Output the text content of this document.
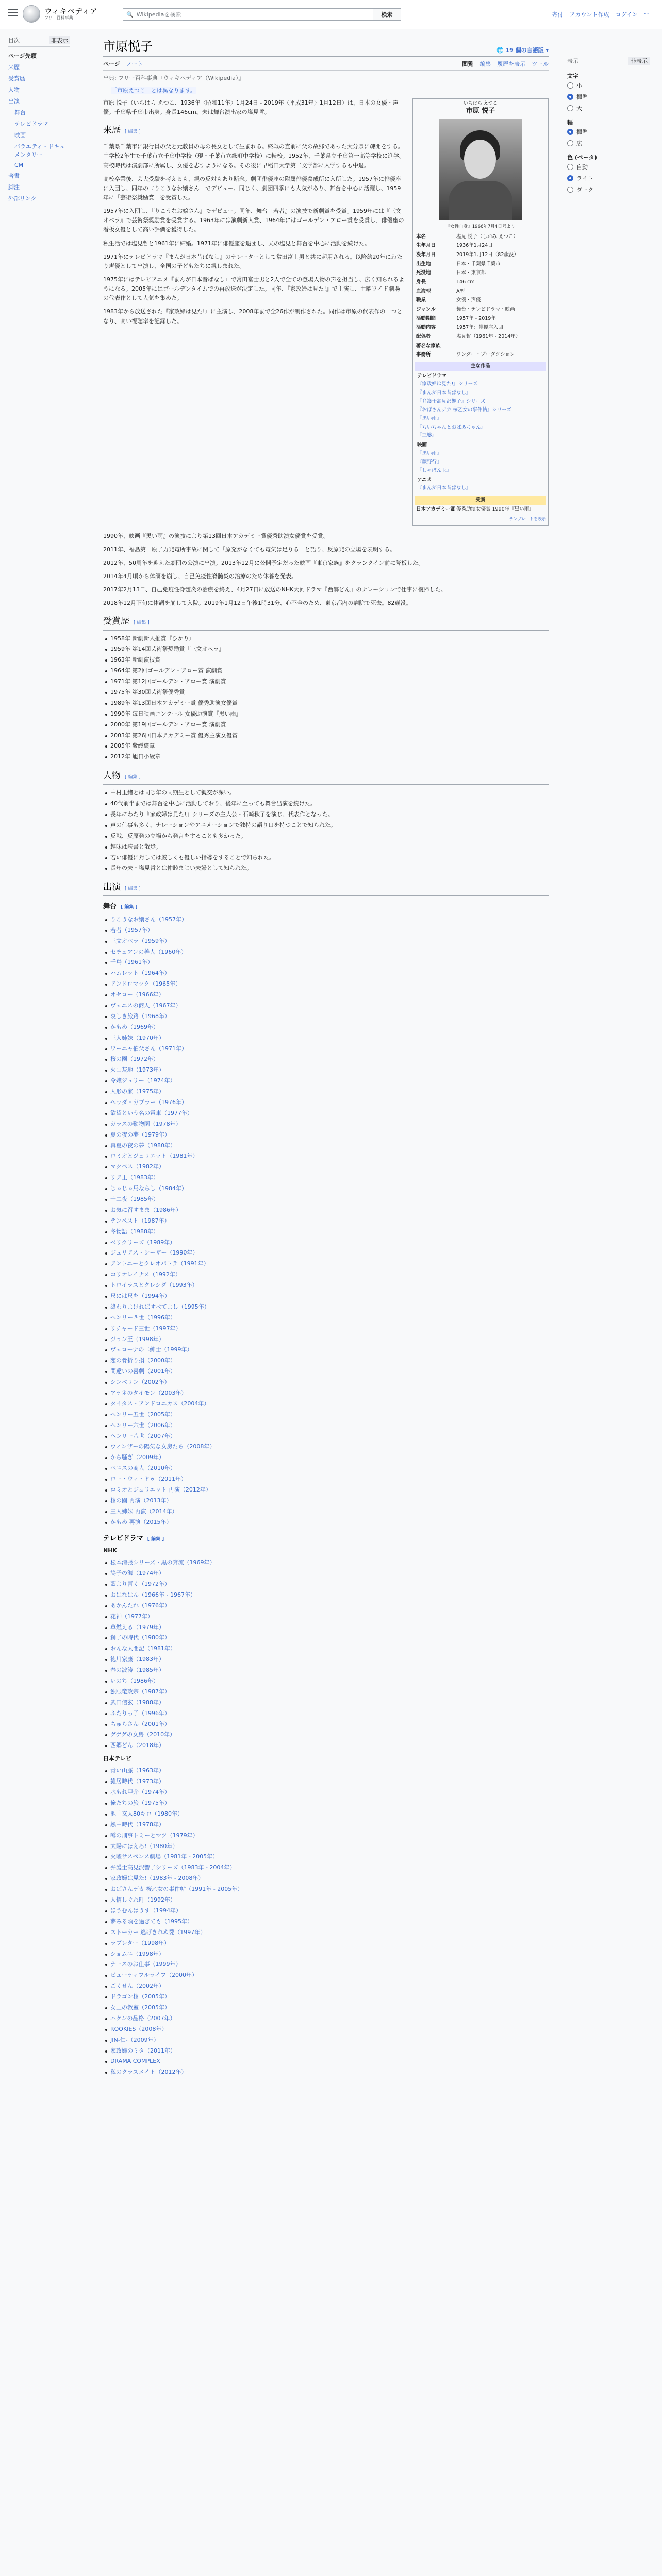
ウィキペディア
フリー百科事典	🔍 Wikipediaを検索	検索	寄付 アカウント作成 ログイン ⋯
目次	非表示
ページ先頭
来歴
受賞歴
人物
出演
舞台
テレビドラマ
映画
バラエティ・ドキュメンタリー
CM
著書
脚注
外部リンク
市原悦子	🌐 19 個の言語版 ▾
ページ ノート	閲覧 編集 履歴を表示 ツール
出典: フリー百科事典『ウィキペディア（Wikipedia）』
「市原えつこ」とは異なります。
いちはら えつこ
市原 悦子
『女性自身』1966年7月4日号より
本名	塩見 悦子（しおみ えつこ）
生年月日	1936年1月24日
没年月日	2019年1月12日（82歳没）
出生地	日本・千葉県千葉市
死没地	日本・東京都
身長	146 cm
血液型	A型
職業	女優・声優
ジャンル	舞台・テレビドラマ・映画
活動期間	1957年 - 2019年
活動内容	1957年：俳優座入団
配偶者	塩見哲（1961年 - 2014年）
著名な家族
事務所	ワンダー・プロダクション
主な作品
テレビドラマ
『家政婦は見た!』シリーズ
『まんが日本昔ばなし』
『弁護士高見沢響子』シリーズ
『おばさんデカ 桜乙女の事件帖』シリーズ
『黒い雨』
『ちいちゃんとおばあちゃん』
『三婆』
映画
『黒い雨』
『蕨野行』
『しゃぼん玉』
アニメ
『まんが日本昔ばなし』
受賞
日本アカデミー賞 優秀助演女優賞 1990年『黒い雨』
テンプレートを表示

市原 悦子（いちはら えつこ、1936年〈昭和11年〉1月24日 - 2019年〈平成31年〉1月12日）は、日本の女優・声優。千葉県千葉市出身。身長146cm。夫は舞台演出家の塩見哲。

来歴 [ 編集 ]

千葉県千葉市に銀行員の父と元教員の母の長女として生まれる。終戦の直前に父の故郷であった大分県に疎開をする。中学校2年生で千葉市立千葉中学校（現・千葉市立緑町中学校）に転校。1952年、千葉県立千葉第一高等学校に進学。高校時代は演劇部に所属し、女優を志すようになる。その後に早稲田大学第二文学部に入学するも中退。

高校卒業後、芸大受験を考えるも、親の反対もあり断念。劇団俳優座の附属俳優養成所に入所した。1957年に俳優座に入団し、同年の『りこうなお嬢さん』でデビュー。同じく、劇団四季にも人気があり、舞台を中心に活躍し、1959年に「芸術祭奨励賞」を受賞した。

1957年に入団し、『りこうなお嬢さん』でデビュー。同年、舞台『若者』の演技で新劇賞を受賞。1959年には『三文オペラ』で芸術祭奨励賞を受賞する。1963年には演劇新人賞、1964年にはゴールデン・アロー賞を受賞し、俳優座の看板女優として高い評価を獲得した。

私生活では塩見哲と1961年に結婚。1971年に俳優座を退団し、夫の塩見と舞台を中心に活動を続けた。

1971年にテレビドラマ『まんが日本昔ばなし』のナレーターとして常田富士男と共に起用される。以降約20年にわたり声優として出演し、全国の子どもたちに親しまれた。

1975年にはテレビアニメ『まんが日本昔ばなし』で常田富士男と2人で全ての登場人物の声を担当し、広く知られるようになる。2005年にはゴールデンタイムでの再放送が決定した。同年、『家政婦は見た!』で主演し、土曜ワイド劇場の代表作として人気を集めた。

1983年から放送された『家政婦は見た!』に主演し、2008年まで全26作が制作された。同作は市原の代表作の一つとなり、高い視聴率を記録した。

1990年、映画『黒い雨』の演技により第13回日本アカデミー賞優秀助演女優賞を受賞。

2011年、福島第一原子力発電所事故に関して「原発がなくても電気は足りる」と語り、反原発の立場を表明する。

2012年、50周年を迎えた劇団の公演に出演。2013年12月に公開予定だった映画『東京家族』をクランクイン前に降板した。

2014年4月頃から体調を崩し、自己免疫性脊髄炎の治療のため休養を発表。

2017年2月13日、自己免疫性脊髄炎の治療を終え、4月27日に放送のNHK大河ドラマ『西郷どん』のナレーションで仕事に復帰した。

2018年12月下旬に体調を崩して入院。2019年1月12日午後1時31分、心不全のため、東京都内の病院で死去。82歳没。

受賞歴 [ 編集 ]
1958年 新劇新人推賞『ひかり』
1959年 第14回芸術祭奨励賞『三文オペラ』
1963年 新劇演技賞
1964年 第2回ゴールデン・アロー賞 演劇賞
1971年 第12回ゴールデン・アロー賞 演劇賞
1975年 第30回芸術祭優秀賞
1989年 第13回日本アカデミー賞 優秀助演女優賞
1990年 毎日映画コンクール 女優助演賞『黒い雨』
2000年 第19回ゴールデン・アロー賞 演劇賞
2003年 第26回日本アカデミー賞 優秀主演女優賞
2005年 紫綬褒章
2012年 旭日小綬章
人物 [ 編集 ]
中村玉緒とは同じ年の同期生として親交が深い。
40代前半までは舞台を中心に活動しており、後年に至っても舞台出演を続けた。
長年にわたり『家政婦は見た!』シリーズの主人公・石崎秋子を演じ、代表作となった。
声の仕事も多く、ナレーションやアニメーションで独特の語り口を持つことで知られた。
反戦、反原発の立場から発言をすることも多かった。
趣味は読書と散歩。
若い俳優に対しては厳しくも優しい指導をすることで知られた。
長年の夫・塩見哲とは仲睦まじい夫婦として知られた。
出演 [ 編集 ]
舞台 [ 編集 ]
りこうなお嬢さん（1957年）
若者（1957年）
三文オペラ（1959年）
セチュアンの善人（1960年）
千鳥（1961年）
ハムレット（1964年）
アンドロマック（1965年）
オセロー（1966年）
ヴェニスの商人（1967年）
哀しき旅路（1968年）
かもめ（1969年）
三人姉妹（1970年）
ワーニャ伯父さん（1971年）
桜の園（1972年）
火山灰地（1973年）
令嬢ジュリー（1974年）
人形の家（1975年）
ヘッダ・ガブラー（1976年）
欲望という名の電車（1977年）
ガラスの動物園（1978年）
夏の夜の夢（1979年）
真夏の夜の夢（1980年）
ロミオとジュリエット（1981年）
マクベス（1982年）
リア王（1983年）
じゃじゃ馬ならし（1984年）
十二夜（1985年）
お気に召すまま（1986年）
テンペスト（1987年）
冬物語（1988年）
ペリクリーズ（1989年）
ジュリアス・シーザー（1990年）
アントニーとクレオパトラ（1991年）
コリオレイナス（1992年）
トロイラスとクレシダ（1993年）
尺には尺を（1994年）
終わりよければすべてよし（1995年）
ヘンリー四世（1996年）
リチャード三世（1997年）
ジョン王（1998年）
ヴェローナの二紳士（1999年）
恋の骨折り損（2000年）
間違いの喜劇（2001年）
シンベリン（2002年）
アテネのタイモン（2003年）
タイタス・アンドロニカス（2004年）
ヘンリー五世（2005年）
ヘンリー六世（2006年）
ヘンリー八世（2007年）
ウィンザーの陽気な女房たち（2008年）
から騒ぎ（2009年）
ベニスの商人（2010年）
ロー・ウィ・ドゥ（2011年）
ロミオとジュリエット 再演（2012年）
桜の園 再演（2013年）
三人姉妹 再演（2014年）
かもめ 再演（2015年）
テレビドラマ [ 編集 ]
NHK
松本清張シリーズ・黒の奔流（1969年）
鳩子の海（1974年）
藍より青く（1972年）
おはなはん（1966年 - 1967年）
あかんたれ（1976年）
花神（1977年）
草燃える（1979年）
獅子の時代（1980年）
おんな太閤記（1981年）
徳川家康（1983年）
春の波涛（1985年）
いのち（1986年）
独眼竜政宗（1987年）
武田信玄（1988年）
ふたりっ子（1996年）
ちゅらさん（2001年）
ゲゲゲの女房（2010年）
西郷どん（2018年）
日本テレビ
青い山脈（1963年）
雑居時代（1973年）
水もれ甲介（1974年）
俺たちの旅（1975年）
池中玄太80キロ（1980年）
熱中時代（1978年）
噂の刑事トミーとマツ（1979年）
太陽にほえろ!（1980年）
火曜サスペンス劇場（1981年 - 2005年）
弁護士高見沢響子シリーズ（1983年 - 2004年）
家政婦は見た!（1983年 - 2008年）
おばさんデカ 桜乙女の事件帖（1991年 - 2005年）
人情しぐれ町（1992年）
ほうむんはうす（1994年）
夢みる頃を過ぎても（1995年）
ストーカー 逃げきれぬ愛（1997年）
ラブレター（1998年）
ショムニ（1998年）
ナースのお仕事（1999年）
ビューティフルライフ（2000年）
ごくせん（2002年）
ドラゴン桜（2005年）
女王の教室（2005年）
ハケンの品格（2007年）
ROOKIES（2008年）
JIN-仁-（2009年）
家政婦のミタ（2011年）
DRAMA COMPLEX
私のクラスメイト（2012年）
表示	非表示
文字
小
標準
大
幅
標準
広
色 (ベータ)
自動
ライト
ダーク
